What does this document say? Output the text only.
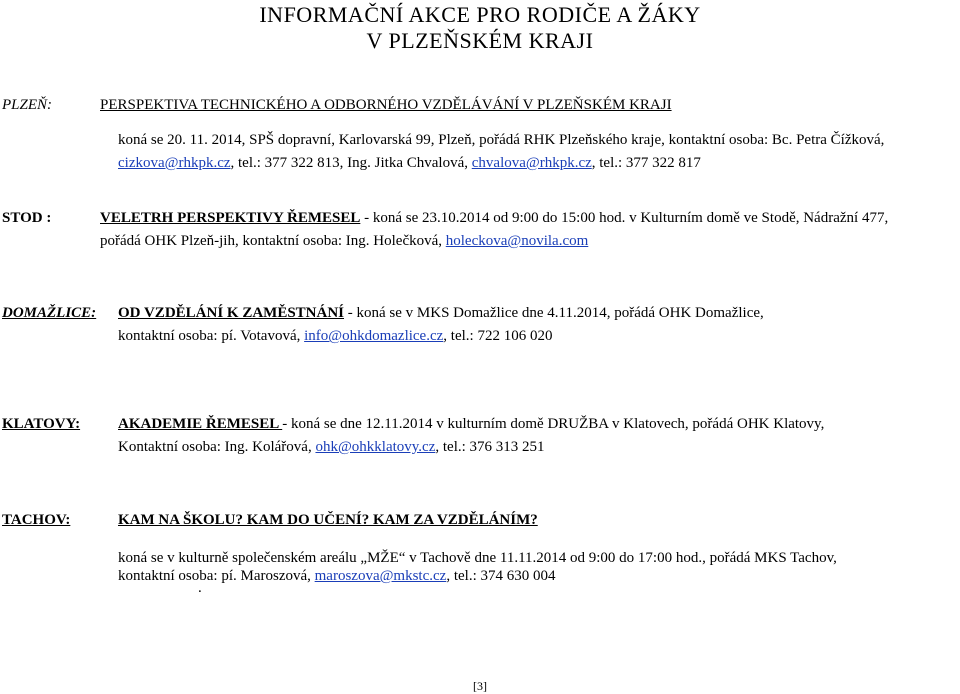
INFORMAČNÍ AKCE PRO RODIČE A ŽÁKY
V PLZEŇSKÉM KRAJI
PLZEŇ:	PERSPEKTIVA TECHNICKÉHO A ODBORNÉHO VZDĚLÁVÁNÍ V PLZEŇSKÉM KRAJI
koná se 20. 11. 2014, SPŠ dopravní, Karlovarská 99, Plzeň, pořádá RHK Plzeňského kraje, kontaktní osoba: Bc. Petra Čížková,
cizkova@rhkpk.cz, tel.: 377 322 813, Ing. Jitka Chvalová, chvalova@rhkpk.cz, tel.: 377 322 817
STOD :	VELETRH PERSPEKTIVY ŘEMESEL - koná se 23.10.2014 od 9:00 do 15:00 hod. v Kulturním domě ve Stodě, Nádražní 477,
pořádá OHK Plzeň-jih, kontaktní osoba: Ing. Holečková, holeckova@novila.com
DOMAŽLICE: OD VZDĚLÁNÍ K ZAMĚSTNÁNÍ - koná se v MKS Domažlice dne 4.11.2014, pořádá OHK Domažlice,
kontaktní osoba: pí. Votavová, info@ohkdomazlice.cz, tel.: 722 106 020
KLATOVY:	AKADEMIE ŘEMESEL - koná se dne 12.11.2014 v kulturním domě DRUŽBA v Klatovech, pořádá OHK Klatovy,
Kontaktní osoba: Ing. Kolářová, ohk@ohkklatovy.cz, tel.: 376 313 251
TACHOV:	KAM NA ŠKOLU? KAM DO UČENÍ? KAM ZA VZDĚLÁNÍM?
koná se v kulturně společenském areálu „MŽE“ v Tachově dne 11.11.2014 od 9:00 do 17:00 hod., pořádá MKS Tachov,
kontaktní osoba: pí. Maroszová, maroszova@mkstc.cz, tel.: 374 630 004
.
[3]
